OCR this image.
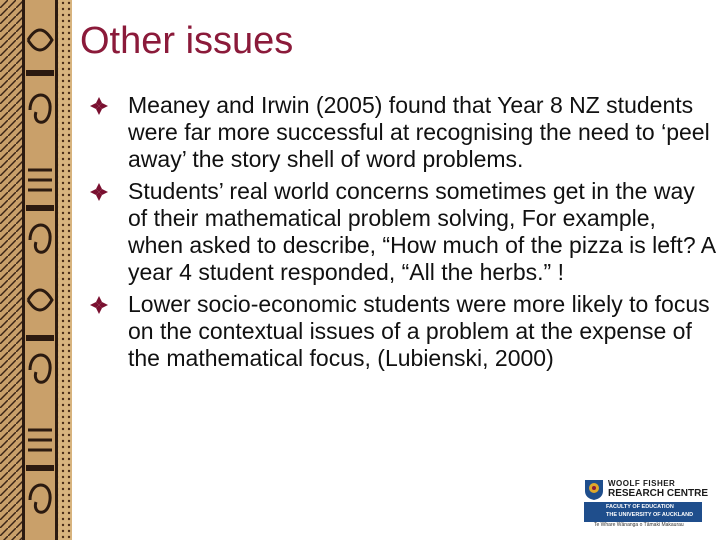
Other issues
Meaney and Irwin (2005) found that Year 8 NZ students were far more successful at recognising the need to ‘peel away’ the story shell of word problems.
Students’ real world concerns sometimes get in the way of their mathematical problem solving, For example, when asked to describe, “How much of the pizza is left? A year 4 student responded, “All the herbs.” !
Lower socio-economic students were more likely to focus on the contextual issues of a problem at the expense of the mathematical focus, (Lubienski, 2000)
WOOLF FISHER
RESEARCH CENTRE
FACULTY OF EDUCATION
THE UNIVERSITY OF AUCKLAND
Te Whare Wānanga o Tāmaki Makaurau
